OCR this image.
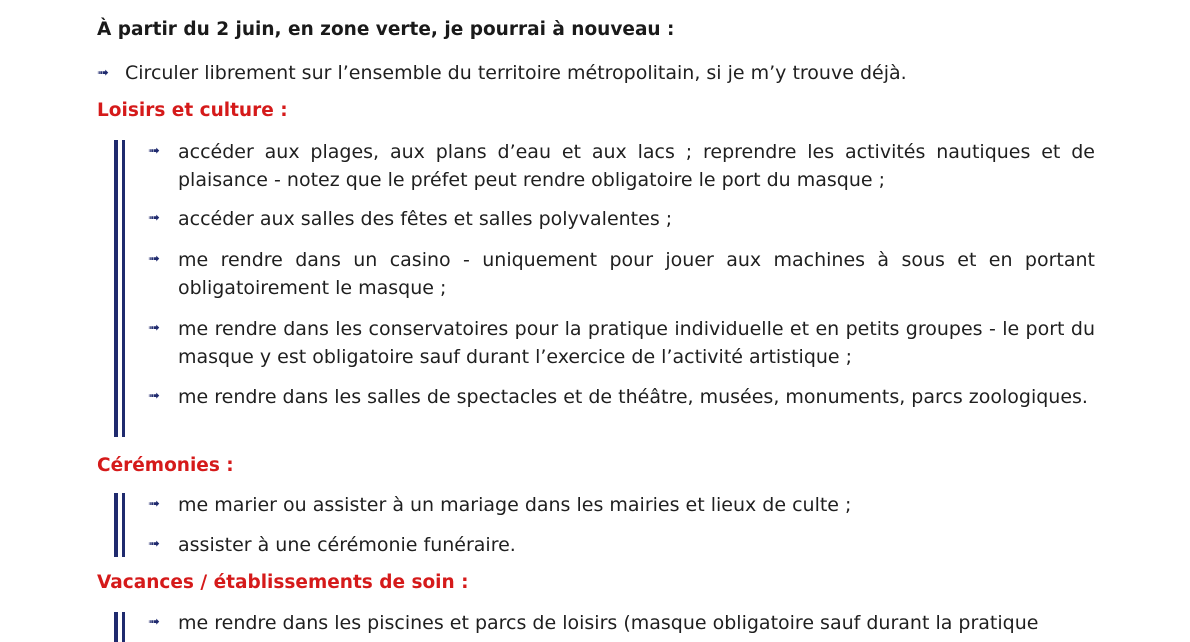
À partir du 2 juin, en zone verte, je pourrai à nouveau :
➟ Circuler librement sur l’ensemble du territoire métropolitain, si je m’y trouve déjà.
Loisirs et culture :
➟ accéder aux plages, aux plans d’eau et aux lacs ; reprendre les activités nautiques et de plaisance - notez que le préfet peut rendre obligatoire le port du masque ;
➟ accéder aux salles des fêtes et salles polyvalentes ;
➟ me rendre dans un casino - uniquement pour jouer aux machines à sous et en portant obligatoirement le masque ;
➟ me rendre dans les conservatoires pour la pratique individuelle et en petits groupes - le port du masque y est obligatoire sauf durant l’exercice de l’activité artistique ;
➟ me rendre dans les salles de spectacles et de théâtre, musées, monuments, parcs zoologiques.
Cérémonies :
➟ me marier ou assister à un mariage dans les mairies et lieux de culte ;
➟ assister à une cérémonie funéraire.
Vacances / établissements de soin :
➟ me rendre dans les piscines et parcs de loisirs (masque obligatoire sauf durant la pratique
